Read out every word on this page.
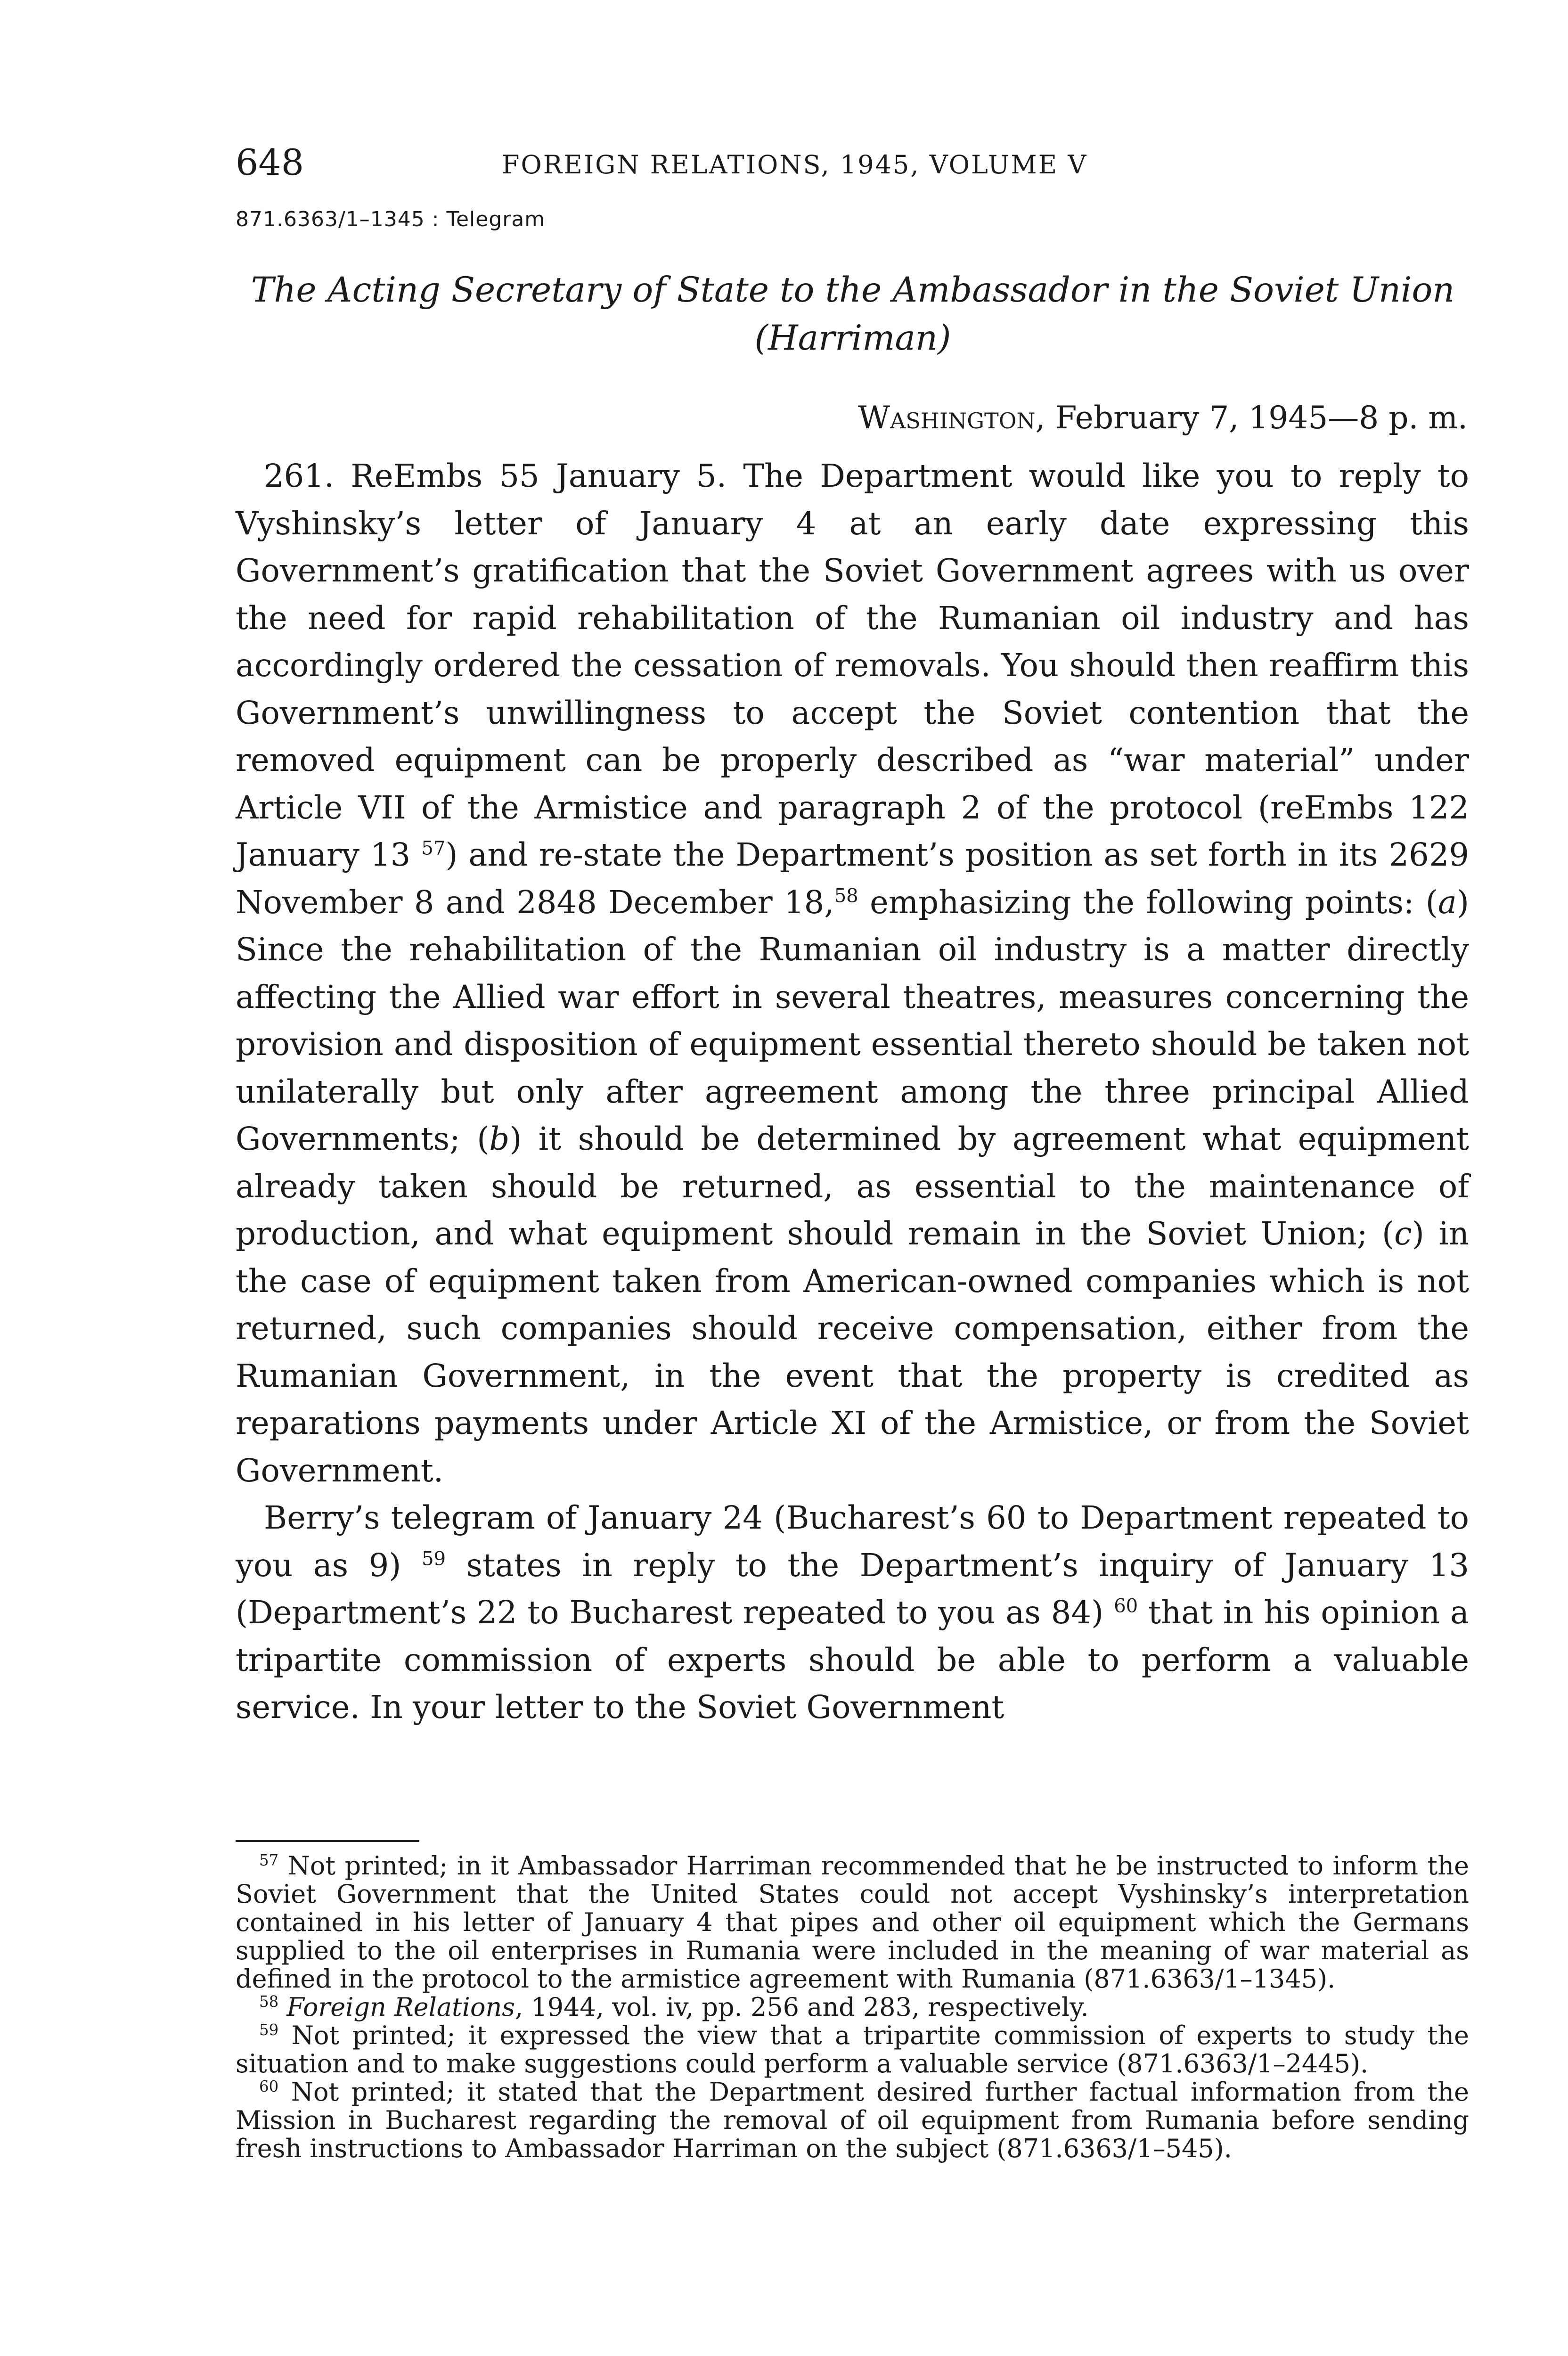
648	FOREIGN RELATIONS, 1945, VOLUME V
871.6363/1–1345 : Telegram
The Acting Secretary of State to the Ambassador in the Soviet Union
(Harriman)
Washington, February 7, 1945—8 p. m.

261. ReEmbs 55 January 5. The Department would like you to reply to Vyshinsky’s letter of January 4 at an early date expressing this Government’s gratification that the Soviet Government agrees with us over the need for rapid rehabilitation of the Rumanian oil industry and has accordingly ordered the cessation of removals. You should then reaffirm this Government’s unwillingness to accept the Soviet contention that the removed equipment can be properly described as “war material” under Article VII of the Armistice and paragraph 2 of the protocol (reEmbs 122 January 13 $^{57}$) and re-state the Department’s position as set forth in its 2629 November 8 and 2848 December 18,58 emphasizing the following points: (a) Since the rehabilitation of the Rumanian oil industry is a matter directly affecting the Allied war effort in several theatres, measures concerning the provision and disposition of equipment essential thereto should be taken not unilaterally but only after agreement among the three principal Allied Governments; (b) it should be determined by agreement what equipment already taken should be returned, as essential to the maintenance of production, and what equipment should remain in the Soviet Union; (c) in the case of equipment taken from American-owned companies which is not returned, such companies should receive compensation, either from the Rumanian Government, in the event that the property is credited as reparations payments under Article XI of the Armistice, or from the Soviet Government.

Berry’s telegram of January 24 (Bucharest’s 60 to Department repeated to you as 9) $^{59}$ states in reply to the Department’s inquiry of January 13 (Department’s 22 to Bucharest repeated to you as 84) $^{60}$ that in his opinion a tripartite commission of experts should be able to perform a valuable service. In your letter to the Soviet Government

$^{57}$ Not printed; in it Ambassador Harriman recommended that he be instructed to inform the Soviet Government that the United States could not accept Vyshinsky’s interpretation contained in his letter of January 4 that pipes and other oil equipment which the Germans supplied to the oil enterprises in Rumania were included in the meaning of war material as defined in the protocol to the armistice agreement with Rumania (871.6363/1–1345).

$^{58}$ Foreign Relations, 1944, vol. iv, pp. 256 and 283, respectively.

$^{59}$ Not printed; it expressed the view that a tripartite commission of experts to study the situation and to make suggestions could perform a valuable service (871.6363/1–2445).

$^{60}$ Not printed; it stated that the Department desired further factual information from the Mission in Bucharest regarding the removal of oil equipment from Rumania before sending fresh instructions to Ambassador Harriman on the subject (871.6363/1–545).
